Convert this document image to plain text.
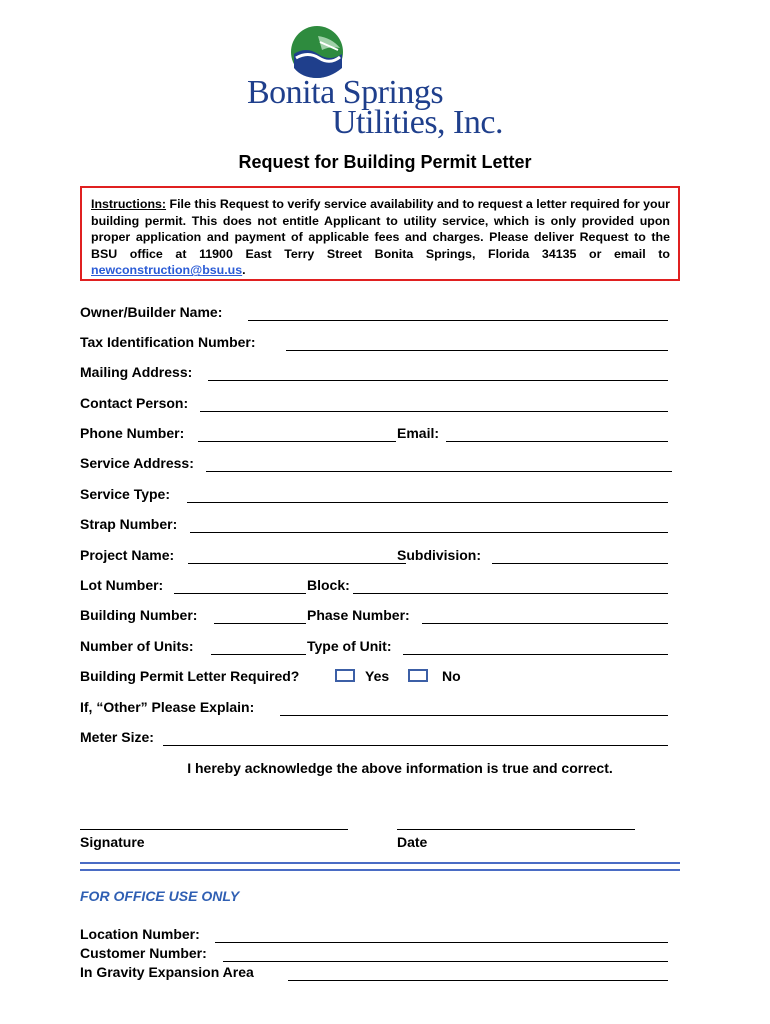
Bonita Springs
Utilities, Inc.
Request for Building Permit Letter
Instructions: File this Request to verify service availability and to request a letter required for your building permit. This does not entitle Applicant to utility service, which is only provided upon proper application and payment of applicable fees and charges. Please deliver Request to the BSU office at 11900 East Terry Street Bonita Springs, Florida 34135 or email to newconstruction@bsu.us.
Owner/Builder Name:
Tax Identification Number:
Mailing Address:
Contact Person:
Phone Number:	Email:
Service Address:
Service Type:
Strap Number:
Project Name:	Subdivision:
Lot Number:	Block:
Building Number:	Phase Number:
Number of Units:	Type of Unit:
Building Permit Letter Required?	Yes	No
If, “Other” Please Explain:
Meter Size:
I hereby acknowledge the above information is true and correct.
Signature	Date
FOR OFFICE USE ONLY
Location Number:
Customer Number:
In Gravity Expansion Area
